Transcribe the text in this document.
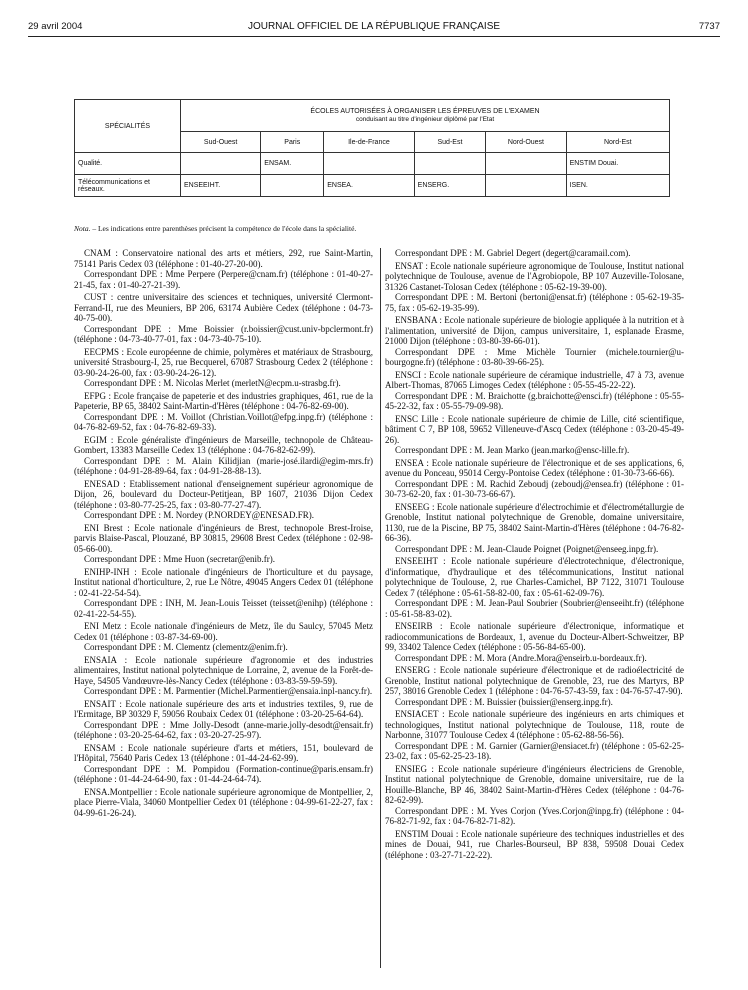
29 avril 2004	JOURNAL OFFICIEL DE LA RÉPUBLIQUE FRANÇAISE	7737
SPÉCIALITÉS	ÉCOLES AUTORISÉES À ORGANISER LES ÉPREUVES DE L'EXAMEN
conduisant au titre d'ingénieur diplômé par l'Etat					

	Sud-Ouest	Paris	Ile-de-France	Sud-Est	Nord-Ouest	Nord-Est
Qualité.		ENSAM.				ENSTIM Douai.
Télécommunications et réseaux.	ENSEEIHT.		ENSEA.	ENSERG.		ISEN.
Nota. – Les indications entre parenthèses précisent la compétence de l'école dans la spécialité.

CNAM : Conservatoire national des arts et métiers, 292, rue Saint-Martin, 75141 Paris Cedex 03 (téléphone : 01-40-27-20-00).

Correspondant DPE : Mme Perpere (Perpere@cnam.fr) (téléphone : 01-40-27-21-45, fax : 01-40-27-21-39).

CUST : centre universitaire des sciences et techniques, université Clermont-Ferrand-II, rue des Meuniers, BP 206, 63174 Aubière Cedex (téléphone : 04-73-40-75-00).

Correspondant DPE : Mme Boissier (r.boissier@cust.univ-bpclermont.fr) (téléphone : 04-73-40-77-01, fax : 04-73-40-75-10).

EECPMS : Ecole européenne de chimie, polymères et matériaux de Strasbourg, université Strasbourg-I, 25, rue Becquerel, 67087 Strasbourg Cedex 2 (téléphone : 03-90-24-26-00, fax : 03-90-24-26-12).

Correspondant DPE : M. Nicolas Merlet (merletN@ecpm.u-strasbg.fr).

EFPG : Ecole française de papeterie et des industries graphiques, 461, rue de la Papeterie, BP 65, 38402 Saint-Martin-d'Hères (téléphone : 04-76-82-69-00).

Correspondant DPE : M. Voillot (Christian.Voillot@efpg.inpg.fr) (téléphone : 04-76-82-69-52, fax : 04-76-82-69-33).

EGIM : Ecole généraliste d'ingénieurs de Marseille, technopole de Château-Gombert, 13383 Marseille Cedex 13 (téléphone : 04-76-82-62-99).

Correspondant DPE : M. Alain Kilidjian (marie-josé.ilardi@egim-mrs.fr) (téléphone : 04-91-28-89-64, fax : 04-91-28-88-13).

ENESAD : Etablissement national d'enseignement supérieur agronomique de Dijon, 26, boulevard du Docteur-Petitjean, BP 1607, 21036 Dijon Cedex (téléphone : 03-80-77-25-25, fax : 03-80-77-27-47).

Correspondant DPE : M. Nordey (P.NORDEY@ENESAD.FR).

ENI Brest : Ecole nationale d'ingénieurs de Brest, technopole Brest-Iroise, parvis Blaise-Pascal, Plouzané, BP 30815, 29608 Brest Cedex (téléphone : 02-98-05-66-00).

Correspondant DPE : Mme Huon (secretar@enib.fr).

ENIHP-INH : Ecole nationale d'ingénieurs de l'horticulture et du paysage, Institut national d'horticulture, 2, rue Le Nôtre, 49045 Angers Cedex 01 (téléphone : 02-41-22-54-54).

Correspondant DPE : INH, M. Jean-Louis Teisset (teisset@enihp) (téléphone : 02-41-22-54-55).

ENI Metz : Ecole nationale d'ingénieurs de Metz, île du Saulcy, 57045 Metz Cedex 01 (téléphone : 03-87-34-69-00).

Correspondant DPE : M. Clementz (clementz@enim.fr).

ENSAIA : Ecole nationale supérieure d'agronomie et des industries alimentaires, Institut national polytechnique de Lorraine, 2, avenue de la Forêt-de-Haye, 54505 Vandœuvre-lès-Nancy Cedex (téléphone : 03-83-59-59-59).

Correspondant DPE : M. Parmentier (Michel.Parmentier@ensaia.inpl-nancy.fr).

ENSAIT : Ecole nationale supérieure des arts et industries textiles, 9, rue de l'Ermitage, BP 30329 F, 59056 Roubaix Cedex 01 (téléphone : 03-20-25-64-64).

Correspondant DPE : Mme Jolly-Desodt (anne-marie.jolly-desodt@ensait.fr) (téléphone : 03-20-25-64-62, fax : 03-20-27-25-97).

ENSAM : Ecole nationale supérieure d'arts et métiers, 151, boulevard de l'Hôpital, 75640 Paris Cedex 13 (téléphone : 01-44-24-62-99).

Correspondant DPE : M. Pompidou (Formation-continue@paris.ensam.fr) (téléphone : 01-44-24-64-90, fax : 01-44-24-64-74).

ENSA.Montpellier : Ecole nationale supérieure agronomique de Montpellier, 2, place Pierre-Viala, 34060 Montpellier Cedex 01 (téléphone : 04-99-61-22-27, fax : 04-99-61-26-24).

Correspondant DPE : M. Gabriel Degert (degert@caramail.com).

ENSAT : Ecole nationale supérieure agronomique de Toulouse, Institut national polytechnique de Toulouse, avenue de l'Agrobiopole, BP 107 Auzeville-Tolosane, 31326 Castanet-Tolosan Cedex (téléphone : 05-62-19-39-00).

Correspondant DPE : M. Bertoni (bertoni@ensat.fr) (téléphone : 05-62-19-35-75, fax : 05-62-19-35-99).

ENSBANA : Ecole nationale supérieure de biologie appliquée à la nutrition et à l'alimentation, université de Dijon, campus universitaire, 1, esplanade Erasme, 21000 Dijon (téléphone : 03-80-39-66-01).

Correspondant DPE : Mme Michèle Tournier (michele.tournier@u-bourgogne.fr) (téléphone : 03-80-39-66-25).

ENSCI : Ecole nationale supérieure de céramique industrielle, 47 à 73, avenue Albert-Thomas, 87065 Limoges Cedex (téléphone : 05-55-45-22-22).

Correspondant DPE : M. Braichotte (g.braichotte@ensci.fr) (téléphone : 05-55-45-22-32, fax : 05-55-79-09-98).

ENSC Lille : Ecole nationale supérieure de chimie de Lille, cité scientifique, bâtiment C 7, BP 108, 59652 Villeneuve-d'Ascq Cedex (téléphone : 03-20-45-49-26).

Correspondant DPE : M. Jean Marko (jean.marko@ensc-lille.fr).

ENSEA : Ecole nationale supérieure de l'électronique et de ses applications, 6, avenue du Ponceau, 95014 Cergy-Pontoise Cedex (téléphone : 01-30-73-66-66).

Correspondant DPE : M. Rachid Zeboudj (zeboudj@ensea.fr) (téléphone : 01-30-73-62-20, fax : 01-30-73-66-67).

ENSEEG : Ecole nationale supérieure d'électrochimie et d'électrométallurgie de Grenoble, Institut national polytechnique de Grenoble, domaine universitaire, 1130, rue de la Piscine, BP 75, 38402 Saint-Martin-d'Hères (téléphone : 04-76-82-66-36).

Correspondant DPE : M. Jean-Claude Poignet (Poignet@enseeg.inpg.fr).

ENSEEIHT : Ecole nationale supérieure d'électrotechnique, d'électronique, d'informatique, d'hydraulique et des télécommunications, Institut national polytechnique de Toulouse, 2, rue Charles-Camichel, BP 7122, 31071 Toulouse Cedex 7 (téléphone : 05-61-58-82-00, fax : 05-61-62-09-76).

Correspondant DPE : M. Jean-Paul Soubrier (Soubrier@enseeiht.fr) (téléphone : 05-61-58-83-02).

ENSEIRB : Ecole nationale supérieure d'électronique, informatique et radiocommunications de Bordeaux, 1, avenue du Docteur-Albert-Schweitzer, BP 99, 33402 Talence Cedex (téléphone : 05-56-84-65-00).

Correspondant DPE : M. Mora (Andre.Mora@enseirb.u-bordeaux.fr).

ENSERG : Ecole nationale supérieure d'électronique et de radioélectricité de Grenoble, Institut national polytechnique de Grenoble, 23, rue des Martyrs, BP 257, 38016 Grenoble Cedex 1 (téléphone : 04-76-57-43-59, fax : 04-76-57-47-90).

Correspondant DPE : M. Buissier (buissier@enserg.inpg.fr).

ENSIACET : Ecole nationale supérieure des ingénieurs en arts chimiques et technologiques, Institut national polytechnique de Toulouse, 118, route de Narbonne, 31077 Toulouse Cedex 4 (téléphone : 05-62-88-56-56).

Correspondant DPE : M. Garnier (Garnier@ensiacet.fr) (téléphone : 05-62-25-23-02, fax : 05-62-25-23-18).

ENSIEG : Ecole nationale supérieure d'ingénieurs électriciens de Grenoble, Institut national polytechnique de Grenoble, domaine universitaire, rue de la Houille-Blanche, BP 46, 38402 Saint-Martin-d'Hères Cedex (téléphone : 04-76-82-62-99).

Correspondant DPE : M. Yves Corjon (Yves.Corjon@inpg.fr) (téléphone : 04-76-82-71-92, fax : 04-76-82-71-82).

ENSTIM Douai : Ecole nationale supérieure des techniques industrielles et des mines de Douai, 941, rue Charles-Bourseul, BP 838, 59508 Douai Cedex (téléphone : 03-27-71-22-22).
